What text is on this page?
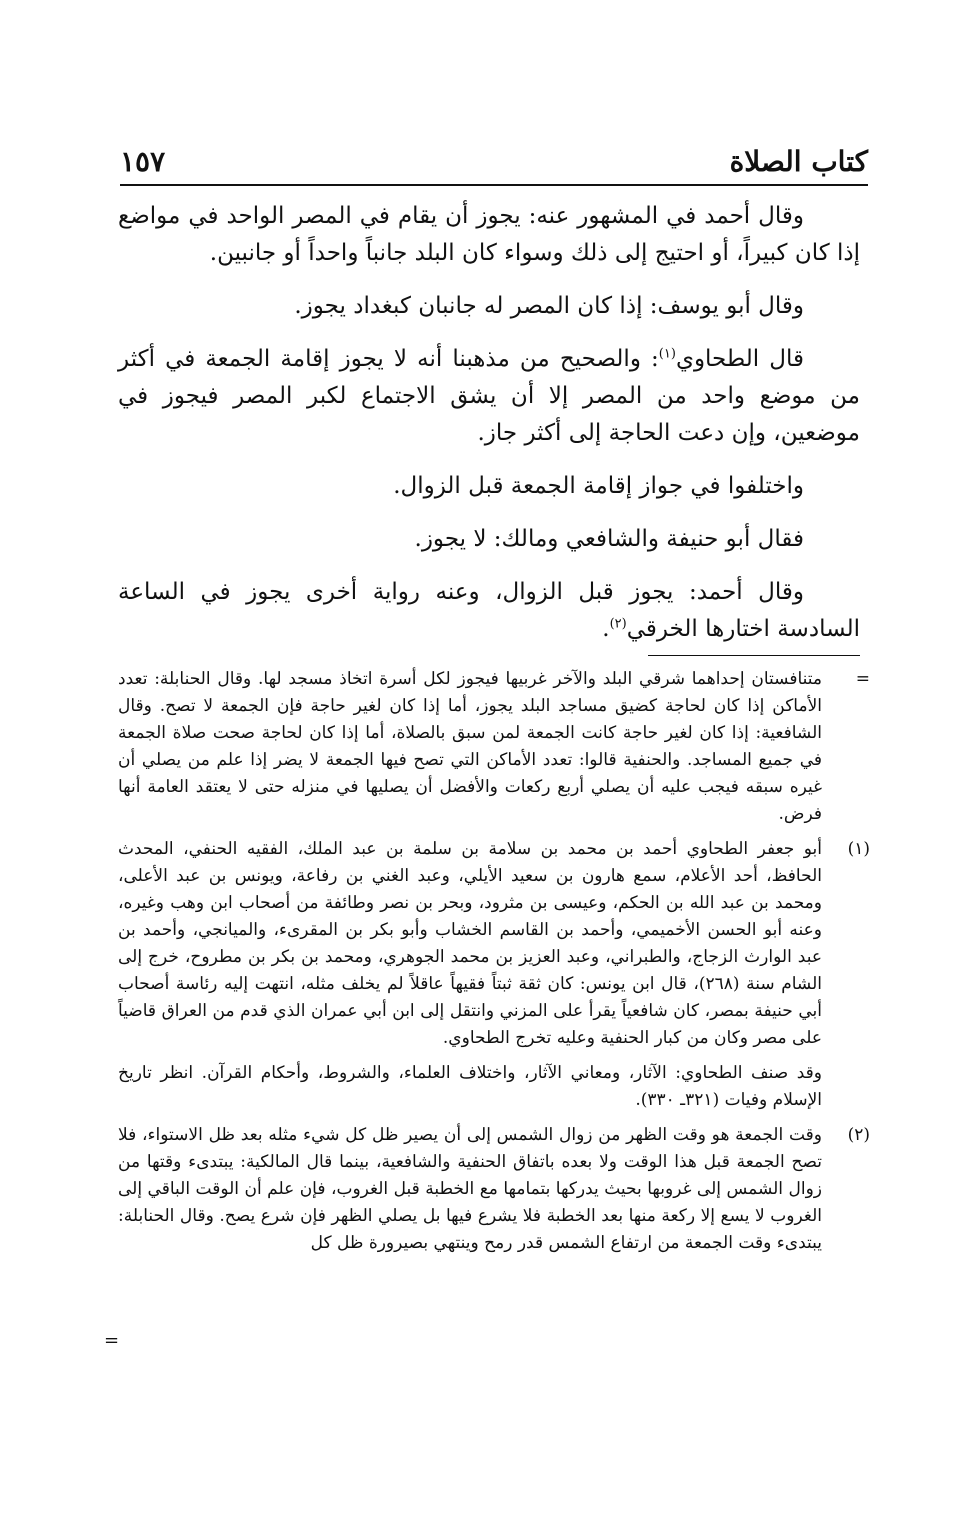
كتاب الصلاة
١٥٧

وقال أحمد في المشهور عنه: يجوز أن يقام في المصر الواحد في مواضع إذا كان كبيراً، أو احتيج إلى ذلك وسواء كان البلد جانباً واحداً أو جانبين.

وقال أبو يوسف: إذا كان المصر له جانبان كبغداد يجوز.

قال الطحاوي$^{(١)}$: والصحيح من مذهبنا أنه لا يجوز إقامة الجمعة في أكثر من موضع واحد من المصر إلا أن يشق الاجتماع لكبر المصر فيجوز في موضعين، وإن دعت الحاجة إلى أكثر جاز.

واختلفوا في جواز إقامة الجمعة قبل الزوال.

فقال أبو حنيفة والشافعي ومالك: لا يجوز.

وقال أحمد: يجوز قبل الزوال، وعنه رواية أخرى يجوز في الساعة السادسة اختارها الخرقي$^{(٢)}$.

=
متنافستان إحداهما شرقي البلد والآخر غربيها فيجوز لكل أسرة اتخاذ مسجد لها. وقال الحنابلة: تعدد الأماكن إذا كان لحاجة كضيق مساجد البلد يجوز، أما إذا كان لغير حاجة فإن الجمعة لا تصح. وقال الشافعية: إذا كان لغير حاجة كانت الجمعة لمن سبق بالصلاة، أما إذا كان لحاجة صحت صلاة الجمعة في جميع المساجد. والحنفية قالوا: تعدد الأماكن التي تصح فيها الجمعة لا يضر إذا علم من يصلي أن غيره سبقه فيجب عليه أن يصلي أربع ركعات والأفضل أن يصليها في منزله حتى لا يعتقد العامة أنها فرض.
(١)
أبو جعفر الطحاوي أحمد بن محمد بن سلامة بن سلمة بن عبد الملك، الفقيه الحنفي، المحدث الحافظ، أحد الأعلام، سمع هارون بن سعيد الأيلي، وعبد الغني بن رفاعة، ويونس بن عبد الأعلى، ومحمد بن عبد الله بن الحكم، وعيسى بن مثرود، وبحر بن نصر وطائفة من أصحاب ابن وهب وغيره، وعنه أبو الحسن الأخميمي، وأحمد بن القاسم الخشاب وأبو بكر بن المقرىء، والميانجي، وأحمد بن عبد الوارث الزجاج، والطبراني، وعبد العزيز بن محمد الجوهري، ومحمد بن بكر بن مطروح، خرج إلى الشام سنة (٢٦٨)، قال ابن يونس: كان ثقة ثبتاً فقيهاً عاقلاً لم يخلف مثله، انتهت إليه رئاسة أصحاب أبي حنيفة بمصر، كان شافعياً يقرأ على المزني وانتقل إلى ابن أبي عمران الذي قدم من العراق قاضياً على مصر وكان من كبار الحنفية وعليه تخرج الطحاوي.
وقد صنف الطحاوي: الآثار، ومعاني الآثار، واختلاف العلماء، والشروط، وأحكام القرآن. انظر تاريخ الإسلام وفيات (٣٢١ـ ٣٣٠).
(٢)
وقت الجمعة هو وقت الظهر من زوال الشمس إلى أن يصير ظل كل شيء مثله بعد ظل الاستواء، فلا تصح الجمعة قبل هذا الوقت ولا بعده باتفاق الحنفية والشافعية، بينما قال المالكية: يبتدىء وقتها من زوال الشمس إلى غروبها بحيث يدركها بتمامها مع الخطبة قبل الغروب، فإن علم أن الوقت الباقي إلى الغروب لا يسع إلا ركعة منها بعد الخطبة فلا يشرع فيها بل يصلي الظهر فإن شرع يصح. وقال الحنابلة: يبتدىء وقت الجمعة من ارتفاع الشمس قدر رمح وينتهي بصيرورة ظل كل
=
